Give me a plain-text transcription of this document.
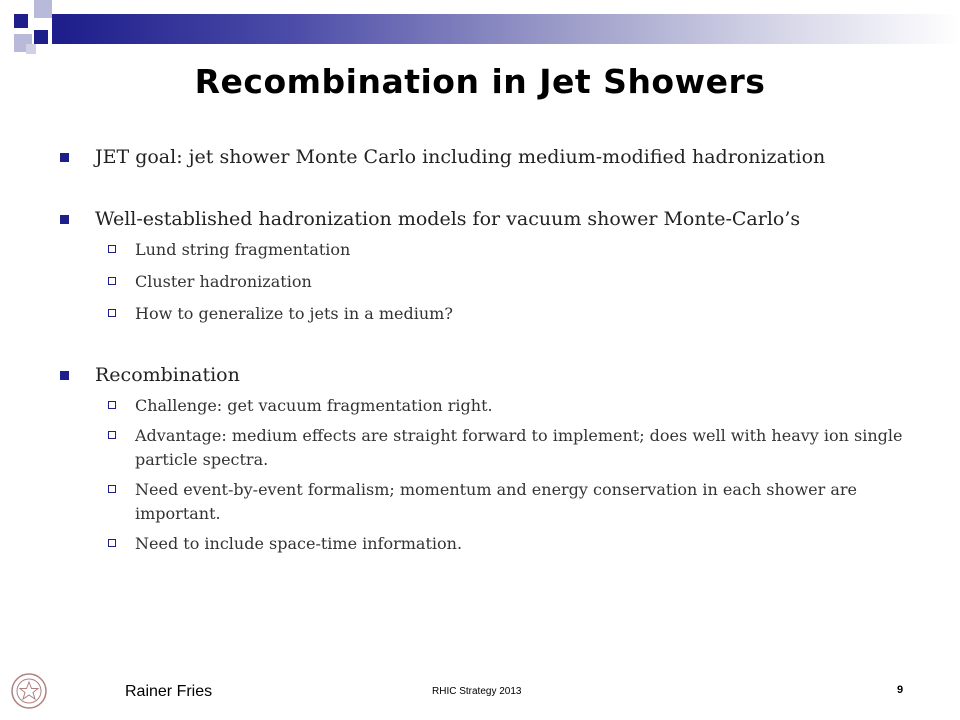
Recombination in Jet Showers
JET goal: jet shower Monte Carlo including medium-modified hadronization
Well-established hadronization models for vacuum shower Monte-Carlo’s
Lund string fragmentation
Cluster hadronization
How to generalize to jets in a medium?
Recombination
Challenge: get vacuum fragmentation right.
Advantage: medium effects are straight forward to implement; does well with heavy ion single particle spectra.
Need event-by-event formalism; momentum and energy conservation in each shower are important.
Need to include space-time information.
Rainer Fries	RHIC Strategy 2013	9
